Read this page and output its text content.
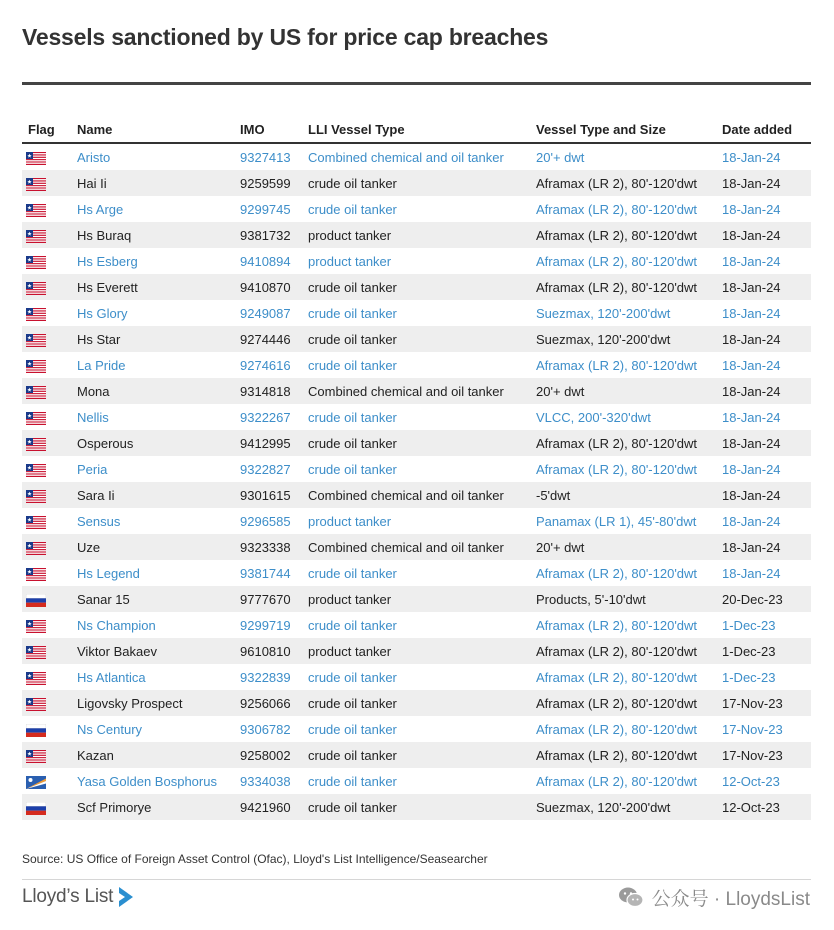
Vessels sanctioned by US for price cap breaches
Flag	Name	IMO	LLI Vessel Type	Vessel Type and Size	Date added

	Aristo	9327413	Combined chemical and oil tanker	20'+ dwt	18-Jan-24

	Hai Ii	9259599	crude oil tanker	Aframax (LR 2), 80'-120'dwt	18-Jan-24

	Hs Arge	9299745	crude oil tanker	Aframax (LR 2), 80'-120'dwt	18-Jan-24

	Hs Buraq	9381732	product tanker	Aframax (LR 2), 80'-120'dwt	18-Jan-24

	Hs Esberg	9410894	product tanker	Aframax (LR 2), 80'-120'dwt	18-Jan-24

	Hs Everett	9410870	crude oil tanker	Aframax (LR 2), 80'-120'dwt	18-Jan-24

	Hs Glory	9249087	crude oil tanker	Suezmax, 120'-200'dwt	18-Jan-24

	Hs Star	9274446	crude oil tanker	Suezmax, 120'-200'dwt	18-Jan-24

	La Pride	9274616	crude oil tanker	Aframax (LR 2), 80'-120'dwt	18-Jan-24

	Mona	9314818	Combined chemical and oil tanker	20'+ dwt	18-Jan-24

	Nellis	9322267	crude oil tanker	VLCC, 200'-320'dwt	18-Jan-24

	Osperous	9412995	crude oil tanker	Aframax (LR 2), 80'-120'dwt	18-Jan-24

	Peria	9322827	crude oil tanker	Aframax (LR 2), 80'-120'dwt	18-Jan-24

	Sara Ii	9301615	Combined chemical and oil tanker	-5'dwt	18-Jan-24

	Sensus	9296585	product tanker	Panamax (LR 1), 45'-80'dwt	18-Jan-24

	Uze	9323338	Combined chemical and oil tanker	20'+ dwt	18-Jan-24

	Hs Legend	9381744	crude oil tanker	Aframax (LR 2), 80'-120'dwt	18-Jan-24

	Sanar 15	9777670	product tanker	Products, 5'-10'dwt	20-Dec-23

	Ns Champion	9299719	crude oil tanker	Aframax (LR 2), 80'-120'dwt	1-Dec-23

	Viktor Bakaev	9610810	product tanker	Aframax (LR 2), 80'-120'dwt	1-Dec-23

	Hs Atlantica	9322839	crude oil tanker	Aframax (LR 2), 80'-120'dwt	1-Dec-23

	Ligovsky Prospect	9256066	crude oil tanker	Aframax (LR 2), 80'-120'dwt	17-Nov-23

	Ns Century	9306782	crude oil tanker	Aframax (LR 2), 80'-120'dwt	17-Nov-23

	Kazan	9258002	crude oil tanker	Aframax (LR 2), 80'-120'dwt	17-Nov-23

	Yasa Golden Bosphorus	9334038	crude oil tanker	Aframax (LR 2), 80'-120'dwt	12-Oct-23

	Scf Primorye	9421960	crude oil tanker	Suezmax, 120'-200'dwt	12-Oct-23
Source: US Office of Foreign Asset Control (Ofac), Lloyd's List Intelligence/Seasearcher
Lloyd’s List	公众号 · LloydsList
